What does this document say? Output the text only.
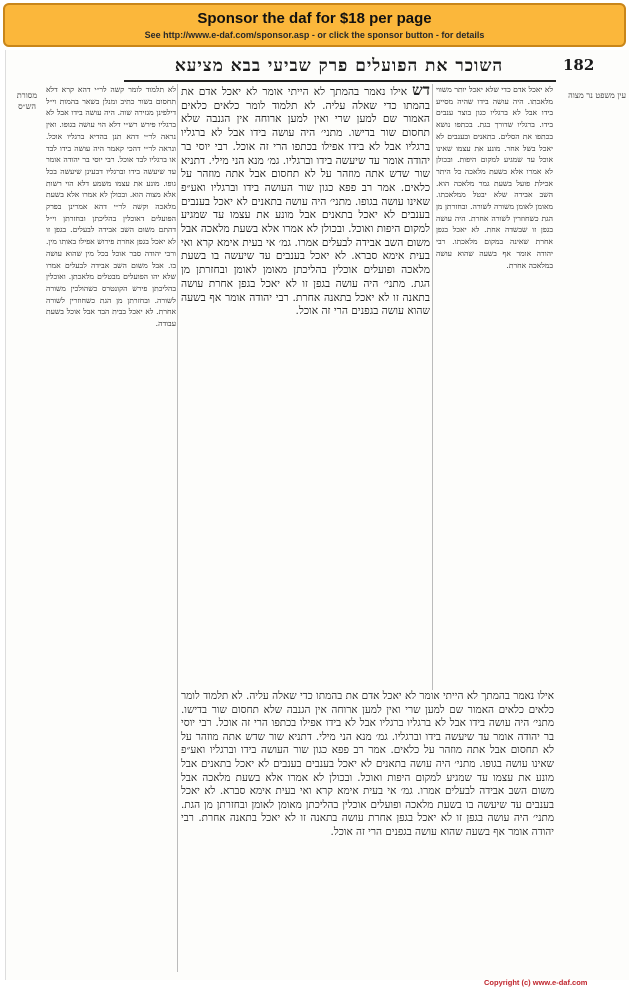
Sponsor the daf for $18 per page
See http://www.e-daf.com/sponsor.asp - or click the sponsor button - for details
182
השוכר את הפועלים פרק שביעי בבא מציעא
עין משפט נר מצוה
מסורת הש״ס
דש אילו נאמר בהמתך לא הייתי אומר לא יאכל אדם את בהמתו כדי שאלה עליה. לא תלמוד לומר כלאים כלאים האמור שם למען שרי ואין למען ארוחה אין הגנבה שלא תחסום שור בדישו. מתני׳ היה עושה בידו אבל לא ברגליו ברגליו אבל לא בידו אפילו בכתפו הרי זה אוכל. רבי יוסי בר יהודה אומר עד שיעשה בידו וברגליו. גמ׳ מנא הני מילי. דתניא שור שדש אתה מוזהר על לא תחסום אבל אתה מוזהר על כלאים. אמר רב פפא כגון שור העושה בידו וברגליו ואע״פ שאינו עושה בגופו. מתני׳ היה עושה בתאנים לא יאכל בענבים בענבים לא יאכל בתאנים אבל מונע את עצמו עד שמגיע למקום היפות ואוכל. ובכולן לא אמרו אלא בשעת מלאכה אבל משום השב אבידה לבעלים אמרו. גמ׳ אי בעית אימא קרא ואי בעית אימא סברא. לא יאכל בענבים עד שיעשה בו בשעת מלאכה ופועלים אוכלין בהליכתן מאומן לאומן ובחזרתן מן הגת. מתני׳ היה עושה בגפן זו לא יאכל בגפן אחרת עושה בתאנה זו לא יאכל בתאנה אחרת. רבי יהודה אומר אף בשעה שהוא עושה בגפנים הרי זה אוכל.
לא יאכל אדם כדי שלא יאכל יותר משווי מלאכתו. היה עושה בידו שהיה מסייע בידו אבל לא ברגליו כגון בוצר ענבים בידו. ברגליו שדורך בגת. בכתפו נושא בכתפו את הסלים. בתאנים ובענבים לא יאכל בשל אחר. מונע את עצמו שאינו אוכל עד שמגיע למקום היפות. ובכולן לא אמרו אלא בשעת מלאכה כל היתר אכילת פועל בשעת גמר מלאכה הוא. השב אבידה שלא יבטל ממלאכתו. מאומן לאומן משורה לשורה. ובחזרתן מן הגת כשחוזרין לשורה אחרת. היה עושה בגפן זו שבשדה אחת. לא יאכל בגפן אחרת שאינה במקום מלאכתו. רבי יהודה אומר אף בשעה שהוא עושה במלאכה אחרת.
לא תלמוד לומר קשה לר״י דהא קרא דלא תחסום בשור כתיב ומנלן בשאר בהמות וי״ל דילפינן מגזירה שוה. היה עושה בידו אבל לא ברגליו פירש רש״י דלא הוי עושה בגופו. ואין נראה לר״י דהא תנן בהדיא ברגליו אוכל. ונראה לר״י דהכי קאמר היה עושה בידו לבד או ברגליו לבד אוכל. רבי יוסי בר יהודה אומר עד שיעשה בידו וברגליו דבעינן שיעשה בכל גופו. מונע את עצמו משמע דלא הוי רשות אלא מצוה הוא. ובכולן לא אמרו אלא בשעת מלאכה וקשה לר״י דהא אמרינן בפרק הפועלים דאוכלין בהליכתן ובחזרתן וי״ל דהתם משום השב אבידה לבעלים. בגפן זו לא יאכל בגפן אחרת פירוש אפילו באותו מין. ורבי יהודה סבר אוכל בכל מין שהוא עושה בו. אבל משום השב אבידה לבעלים אמרו שלא יהו הפועלים מבטלים מלאכתן. ואוכלין בהליכתן פירש הקונטרס כשהולכין משורה לשורה. ובחזרתן מן הגת כשחוזרין לשורה אחרת. לא יאכל בבית הבד אבל אוכל בשעת עבודה.
אילו נאמר בהמתך לא הייתי אומר לא יאכל אדם את בהמתו כדי שאלה עליה. לא תלמוד לומר כלאים כלאים האמור שם למען שרי ואין למען ארוחה אין הגנבה שלא תחסום שור בדישו. מתני׳ היה עושה בידו אבל לא ברגליו ברגליו אבל לא בידו אפילו בכתפו הרי זה אוכל. רבי יוסי בר יהודה אומר עד שיעשה בידו וברגליו. גמ׳ מנא הני מילי. דתניא שור שדש אתה מוזהר על לא תחסום אבל אתה מוזהר על כלאים. אמר רב פפא כגון שור העושה בידו וברגליו ואע״פ שאינו עושה בגופו. מתני׳ היה עושה בתאנים לא יאכל בענבים בענבים לא יאכל בתאנים אבל מונע את עצמו עד שמגיע למקום היפות ואוכל. ובכולן לא אמרו אלא בשעת מלאכה אבל משום השב אבידה לבעלים אמרו. גמ׳ אי בעית אימא קרא ואי בעית אימא סברא. לא יאכל בענבים עד שיעשה בו בשעת מלאכה ופועלים אוכלין בהליכתן מאומן לאומן ובחזרתן מן הגת. מתני׳ היה עושה בגפן זו לא יאכל בגפן אחרת עושה בתאנה זו לא יאכל בתאנה אחרת. רבי יהודה אומר אף בשעה שהוא עושה בגפנים הרי זה אוכל.
Copyright (c) www.e-daf.com
